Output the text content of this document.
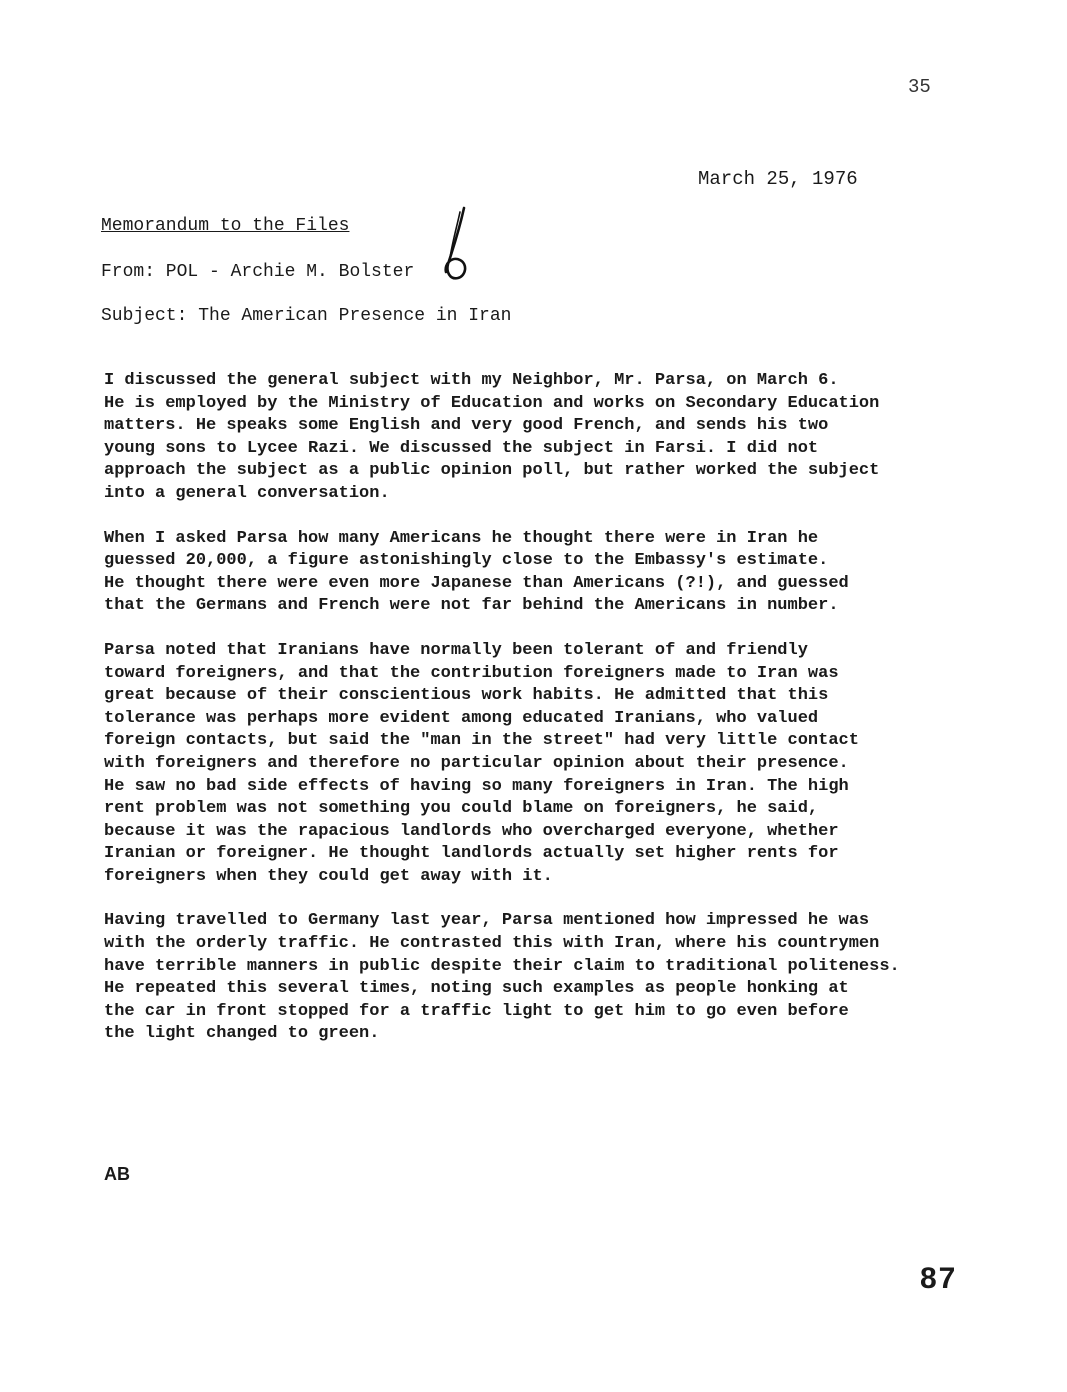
35
March 25, 1976
Memorandum to the Files
From: POL - Archie M. Bolster
Subject: The American Presence in Iran
I discussed the general subject with my Neighbor, Mr. Parsa, on March 6.
He is employed by the Ministry of Education and works on Secondary Education
matters. He speaks some English and very good French, and sends his two
young sons to Lycee Razi. We discussed the subject in Farsi. I did not
approach the subject as a public opinion poll, but rather worked the subject
into a general conversation.
When I asked Parsa how many Americans he thought there were in Iran he
guessed 20,000, a figure astonishingly close to the Embassy's estimate.
He thought there were even more Japanese than Americans (?!), and guessed
that the Germans and French were not far behind the Americans in number.
Parsa noted that Iranians have normally been tolerant of and friendly
toward foreigners, and that the contribution foreigners made to Iran was
great because of their conscientious work habits. He admitted that this
tolerance was perhaps more evident among educated Iranians, who valued
foreign contacts, but said the "man in the street" had very little contact
with foreigners and therefore no particular opinion about their presence.
He saw no bad side effects of having so many foreigners in Iran. The high
rent problem was not something you could blame on foreigners, he said,
because it was the rapacious landlords who overcharged everyone, whether
Iranian or foreigner. He thought landlords actually set higher rents for
foreigners when they could get away with it.
Having travelled to Germany last year, Parsa mentioned how impressed he was
with the orderly traffic. He contrasted this with Iran, where his countrymen
have terrible manners in public despite their claim to traditional politeness.
He repeated this several times, noting such examples as people honking at
the car in front stopped for a traffic light to get him to go even before
the light changed to green.
AB
87
